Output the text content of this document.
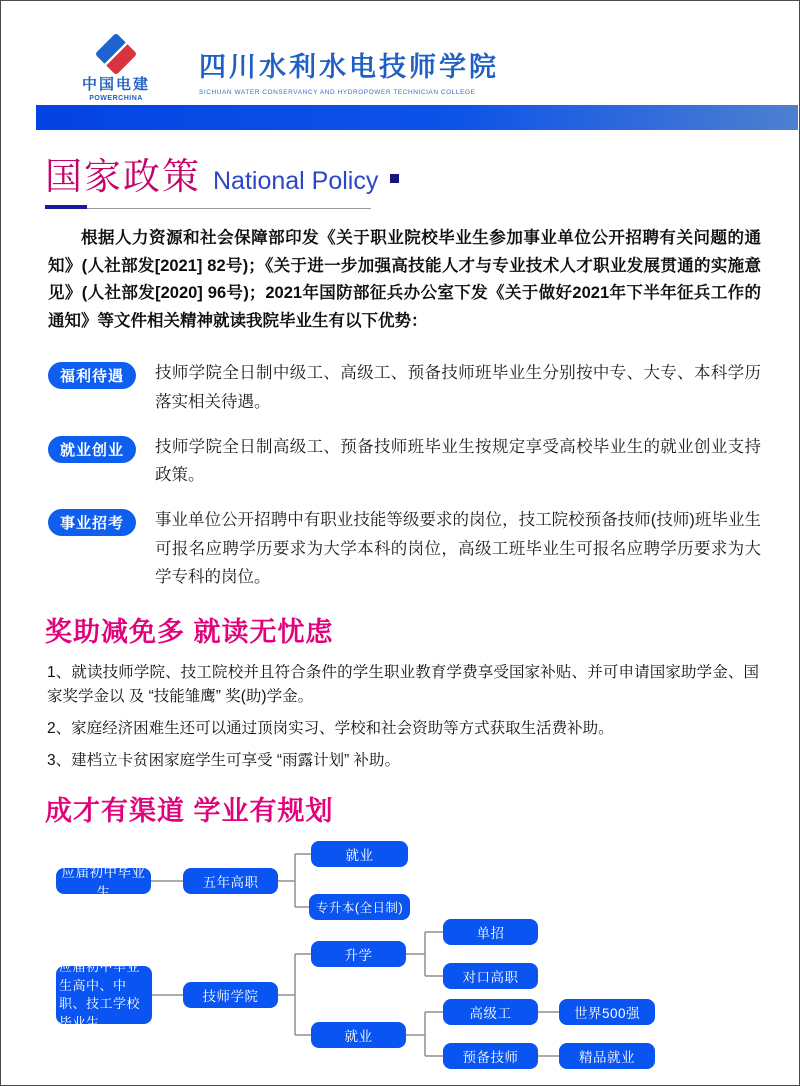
中国电建
POWERCHINA
四川水利水电技师学院
SICHUAN WATER CONSERVANCY AND HYDROPOWER TECHNICIAN COLLEGE
国家政策 National Policy

根据人力资源和社会保障部印发《关于职业院校毕业生参加事业单位公开招聘有关问题的通知》(人社部发[2021] 82号)；《关于进一步加强高技能人才与专业技术人才职业发展贯通的实施意见》(人社部发[2020] 96号)；2021年国防部征兵办公室下发《关于做好2021年下半年征兵工作的通知》等文件相关精神就读我院毕业生有以下优势：

福利待遇	技师学院全日制中级工、高级工、预备技师班毕业生分别按中专、大专、本科学历落实相关待遇。

就业创业	技师学院全日制高级工、预备技师班毕业生按规定享受高校毕业生的就业创业支持政策。

事业招考	事业单位公开招聘中有职业技能等级要求的岗位，技工院校预备技师(技师)班毕业生可报名应聘学历要求为大学本科的岗位，高级工班毕业生可报名应聘学历要求为大学专科的岗位。

奖助减免多 就读无忧虑

1、就读技师学院、技工院校并且符合条件的学生职业教育学费享受国家补贴、并可申请国家助学金、国家奖学金以 及 “技能雏鹰” 奖(助)学金。

2、家庭经济困难生还可以通过顶岗实习、学校和社会资助等方式获取生活费补助。

3、建档立卡贫困家庭学生可享受 “雨露计划” 补助。

成才有渠道 学业有规划
应届初中毕业生
五年高职
就业
专升本(全日制)
应届初中毕业生高中、中职、技工学校毕业生
技师学院
升学
就业
单招
对口高职
高级工
预备技师
世界500强
精品就业
